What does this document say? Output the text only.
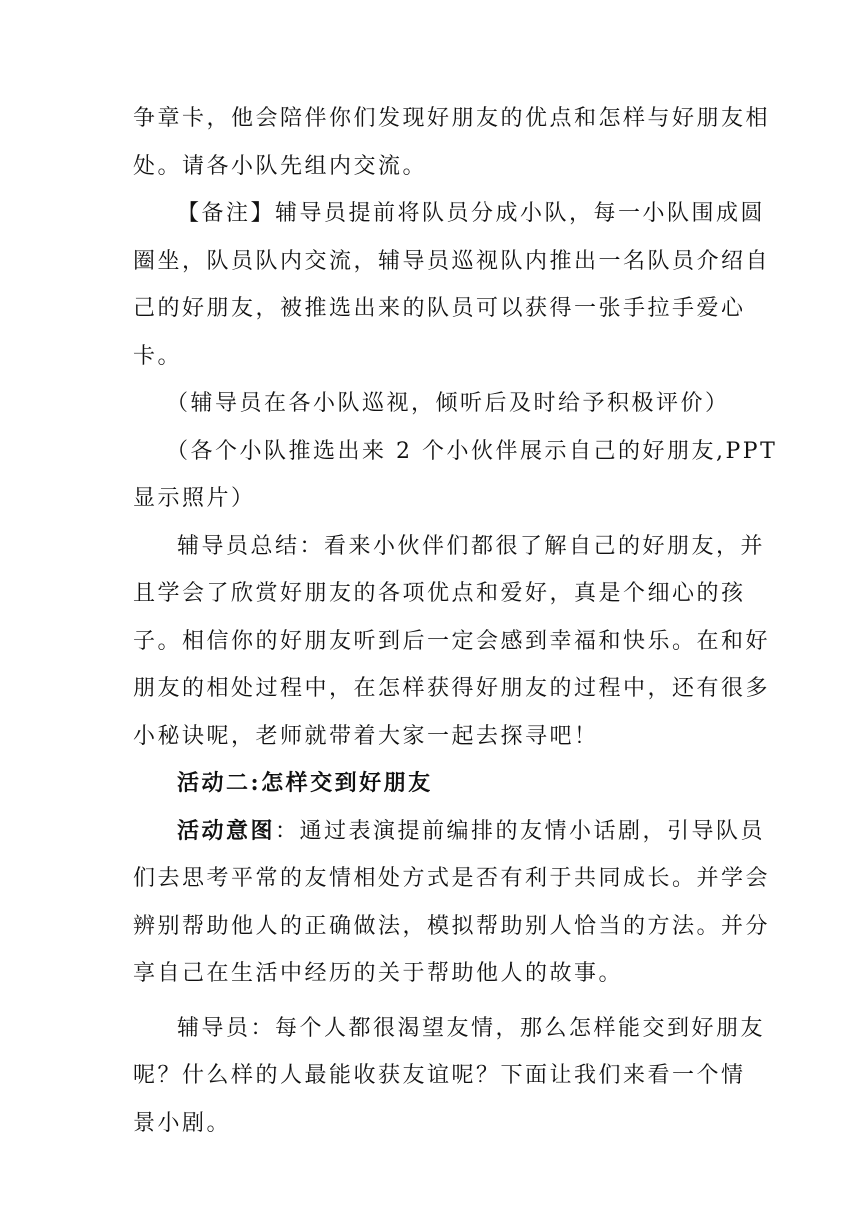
争章卡，他会陪伴你们发现好朋友的优点和怎样与好朋友相
处。请各小队先组内交流。

【备注】辅导员提前将队员分成小队，每一小队围成圆
圈坐，队员队内交流，辅导员巡视队内推出一名队员介绍自
己的好朋友，被推选出来的队员可以获得一张手拉手爱心
卡。

（辅导员在各小队巡视，倾听后及时给予积极评价）

（各个小队推选出来 2 个小伙伴展示自己的好朋友,PPT
显示照片）

辅导员总结：看来小伙伴们都很了解自己的好朋友，并
且学会了欣赏好朋友的各项优点和爱好，真是个细心的孩
子。相信你的好朋友听到后一定会感到幸福和快乐。在和好
朋友的相处过程中，在怎样获得好朋友的过程中，还有很多
小秘诀呢，老师就带着大家一起去探寻吧！

活动二:怎样交到好朋友

活动意图：通过表演提前编排的友情小话剧，引导队员
们去思考平常的友情相处方式是否有利于共同成长。并学会
辨别帮助他人的正确做法，模拟帮助别人恰当的方法。并分
享自己在生活中经历的关于帮助他人的故事。

辅导员：每个人都很渴望友情，那么怎样能交到好朋友
呢？什么样的人最能收获友谊呢？下面让我们来看一个情
景小剧。
